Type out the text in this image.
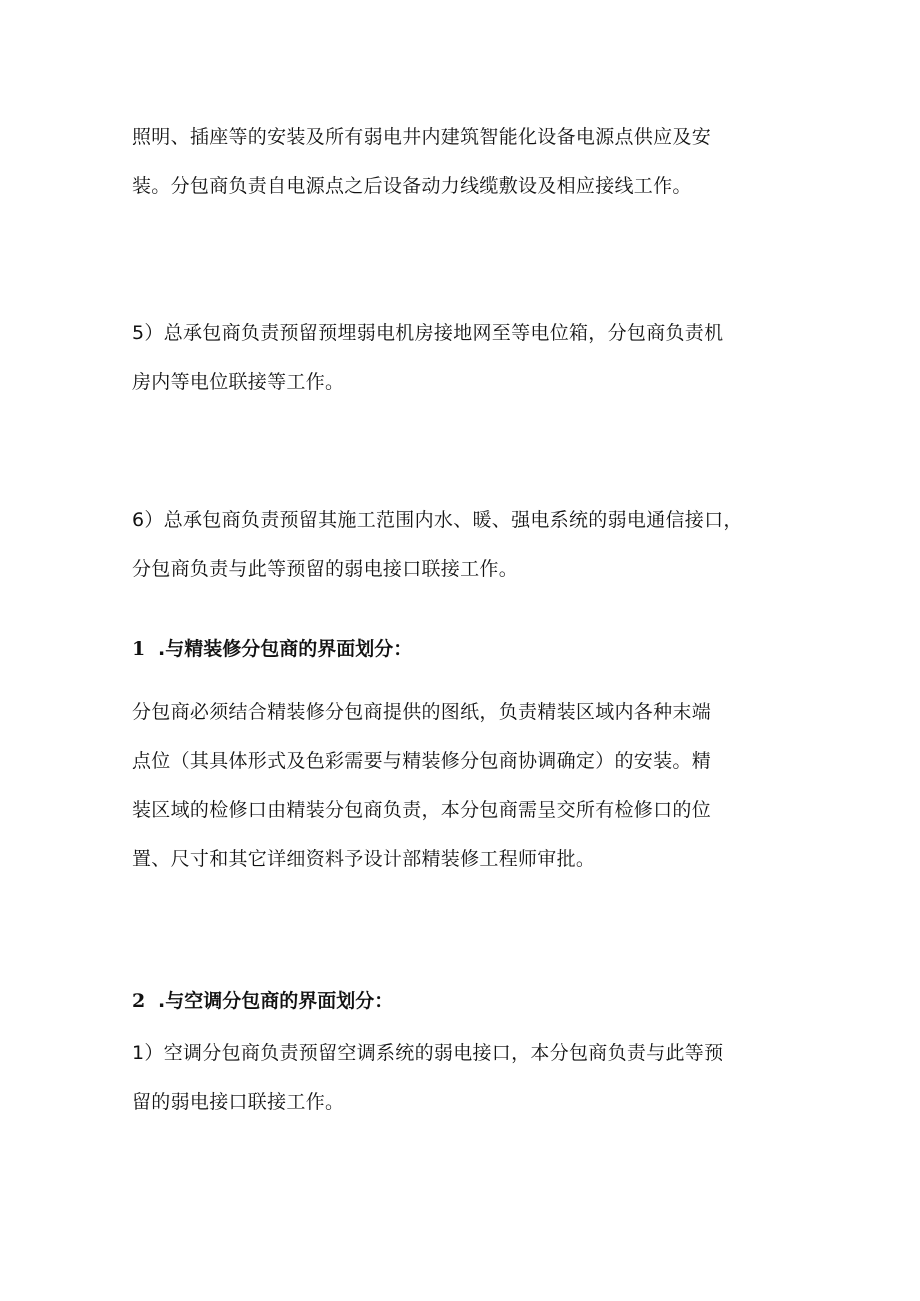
照明、插座等的安装及所有弱电井内建筑智能化设备电源点供应及安
装。分包商负责自电源点之后设备动力线缆敷设及相应接线工作。

5）总承包商负责预留预埋弱电机房接地网至等电位箱，分包商负责机
房内等电位联接等工作。

6）总承包商负责预留其施工范围内水、暖、强电系统的弱电通信接口，
分包商负责与此等预留的弱电接口联接工作。

1 .与精装修分包商的界面划分：

分包商必须结合精装修分包商提供的图纸，负责精装区域内各种末端
点位（其具体形式及色彩需要与精装修分包商协调确定）的安装。精
装区域的检修口由精装分包商负责，本分包商需呈交所有检修口的位
置、尺寸和其它详细资料予设计部精装修工程师审批。

2 .与空调分包商的界面划分：

1）空调分包商负责预留空调系统的弱电接口，本分包商负责与此等预
留的弱电接口联接工作。
